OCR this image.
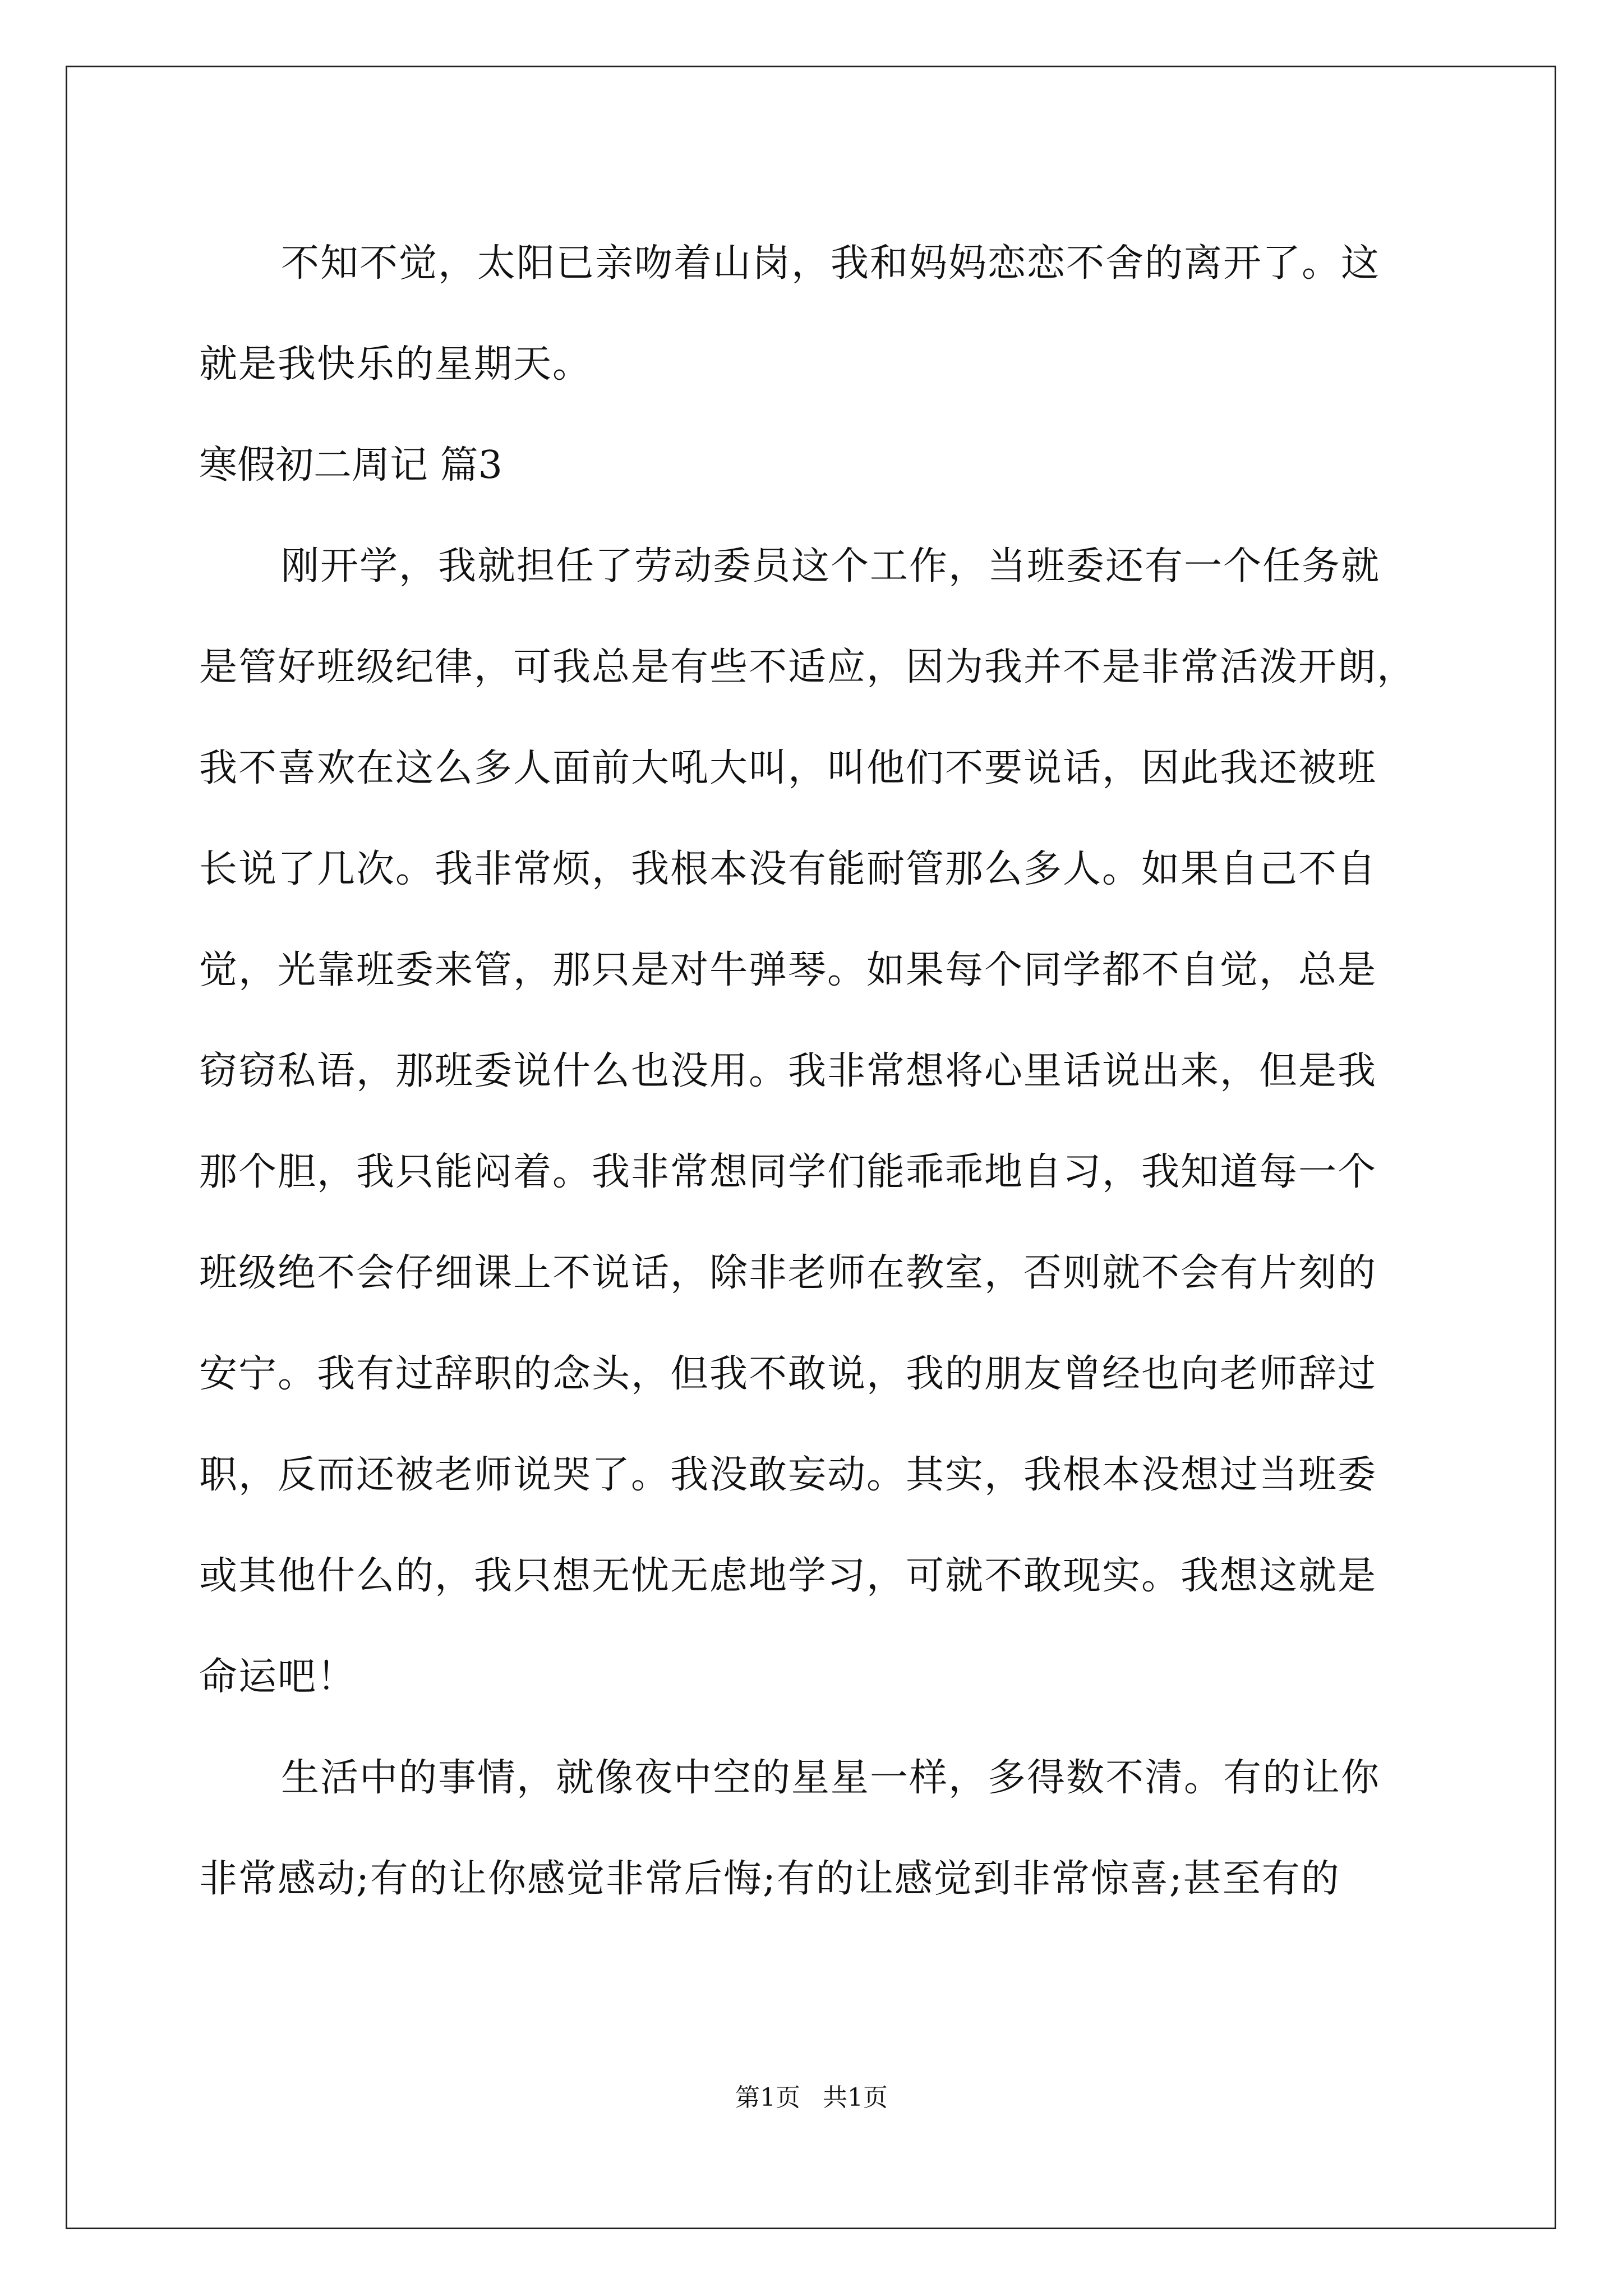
不知不觉，太阳已亲吻着山岗，我和妈妈恋恋不舍的离开了。这
就是我快乐的星期天。
寒假初二周记 篇3
刚开学，我就担任了劳动委员这个工作，当班委还有一个任务就
是管好班级纪律，可我总是有些不适应，因为我并不是非常活泼开朗，
我不喜欢在这么多人面前大吼大叫，叫他们不要说话，因此我还被班
长说了几次。我非常烦，我根本没有能耐管那么多人。如果自己不自
觉，光靠班委来管，那只是对牛弹琴。如果每个同学都不自觉，总是
窃窃私语，那班委说什么也没用。我非常想将心里话说出来，但是我
那个胆，我只能闷着。我非常想同学们能乖乖地自习，我知道每一个
班级绝不会仔细课上不说话，除非老师在教室，否则就不会有片刻的
安宁。我有过辞职的念头，但我不敢说，我的朋友曾经也向老师辞过
职，反而还被老师说哭了。我没敢妄动。其实，我根本没想过当班委
或其他什么的，我只想无忧无虑地学习，可就不敢现实。我想这就是
命运吧！
生活中的事情，就像夜中空的星星一样，多得数不清。有的让你
非常感动;有的让你感觉非常后悔;有的让感觉到非常惊喜;甚至有的
第1页 共1页
